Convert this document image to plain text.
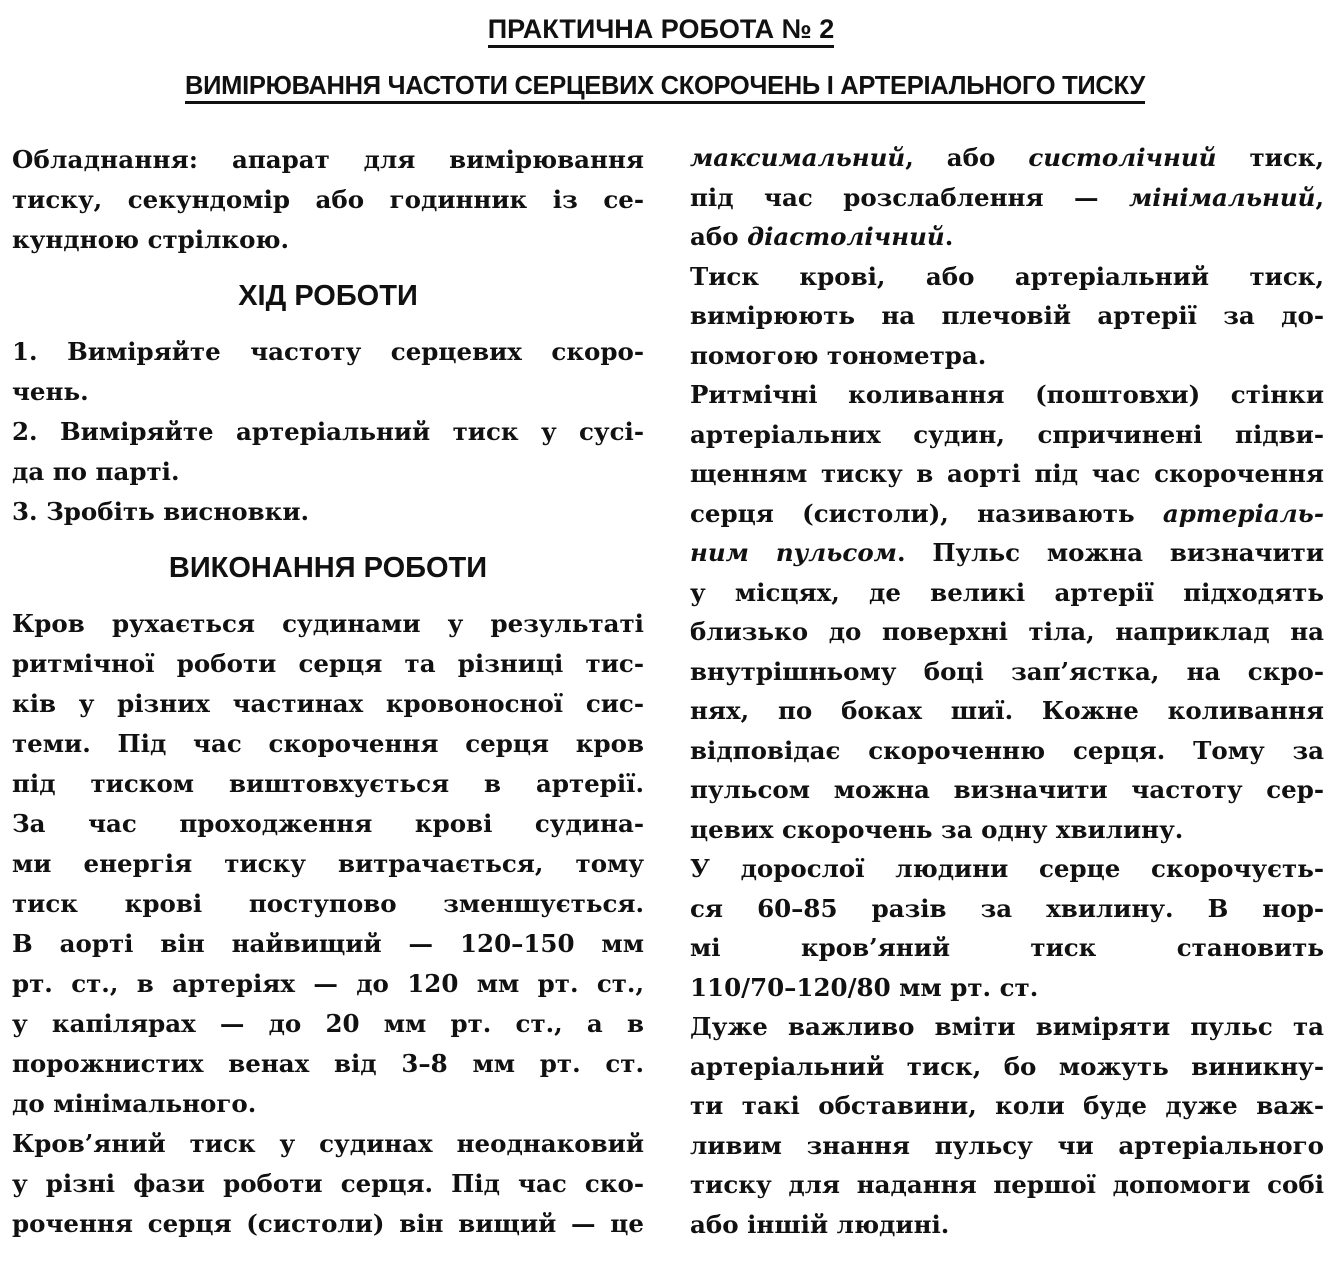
ПРАКТИЧНА РОБОТА № 2
ВИМІРЮВАННЯ ЧАСТОТИ СЕРЦЕВИХ СКОРОЧЕНЬ І АРТЕРІАЛЬНОГО ТИСКУ
Обладнання: апарат для вимірювання
тиску, секундомір або годинник із се-
кундною стрілкою.
ХІД РОБОТИ
1. Виміряйте частоту серцевих скоро-
чень.
2. Виміряйте артеріальний тиск у сусі-
да по парті.
3. Зробіть висновки.
ВИКОНАННЯ РОБОТИ
Кров рухається судинами у результаті
ритмічної роботи серця та різниці тис-
ків у різних частинах кровоносної сис-
теми. Під час скорочення серця кров
під тиском виштовхується в артерії.
За час проходження крові судина-
ми енергія тиску витрачається, тому
тиск крові поступово зменшується.
В аорті він найвищий — 120–150 мм
рт. ст., в артеріях — до 120 мм рт. ст.,
у капілярах — до 20 мм рт. ст., а в
порожнистих венах від 3–8 мм рт. ст.
до мінімального.
Кров’яний тиск у судинах неоднаковий
у різні фази роботи серця. Під час ско-
рочення серця (систоли) він вищий — це
максимальний, або систолічний тиск,
під час розслаблення — мінімальний,
або діастолічний.
Тиск крові, або артеріальний тиск,
вимірюють на плечовій артерії за до-
помогою тонометра.
Ритмічні коливання (поштовхи) стінки
артеріальних судин, спричинені підви-
щенням тиску в аорті під час скорочення
серця (систоли), називають артеріаль-
ним пульсом. Пульс можна визначити
у місцях, де великі артерії підходять
близько до поверхні тіла, наприклад на
внутрішньому боці зап’ястка, на скро-
нях, по боках шиї. Кожне коливання
відповідає скороченню серця. Тому за
пульсом можна визначити частоту сер-
цевих скорочень за одну хвилину.
У дорослої людини серце скорочуєть-
ся 60–85 разів за хвилину. В нор-
мі кров’яний тиск становить
110/70–120/80 мм рт. ст.
Дуже важливо вміти виміряти пульс та
артеріальний тиск, бо можуть виникну-
ти такі обставини, коли буде дуже важ-
ливим знання пульсу чи артеріального
тиску для надання першої допомоги собі
або іншій людині.
